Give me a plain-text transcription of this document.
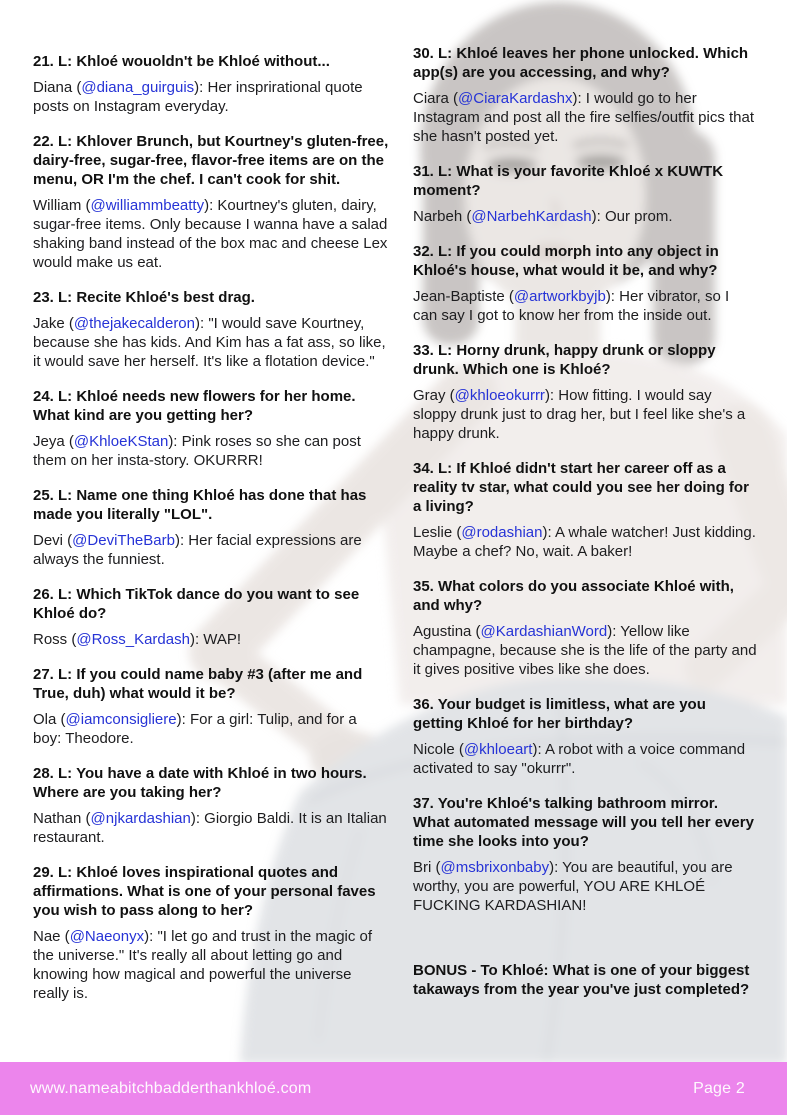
21. L: Khloé wouoldn't be Khloé without...

Diana (@diana_guirguis): Her insprirational quote posts on Instagram everyday.

22. L: Khlover Brunch, but Kourtney's gluten-free, dairy-free, sugar-free, flavor-free items are on the menu, OR I'm the chef. I can't cook for shit.

William (@williammbeatty): Kourtney's gluten, dairy, sugar-free items. Only because I wanna have a salad shaking band instead of the box mac and cheese Lex would make us eat.

23. L: Recite Khloé's best drag.

Jake (@thejakecalderon): "I would save Kourtney, because she has kids. And Kim has a fat ass, so like, it would save her herself. It's like a flotation device."

24. L: Khloé needs new flowers for her home. What kind are you getting her?

Jeya (@KhloeKStan): Pink roses so she can post them on her insta-story. OKURRR!

25. L: Name one thing Khloé has done that has made you literally "LOL".

Devi (@DeviTheBarb): Her facial expressions are always the funniest.

26. L: Which TikTok dance do you want to see Khloé do?

Ross (@Ross_Kardash): WAP!

27. L: If you could name baby #3 (after me and True, duh) what would it be?

Ola (@iamconsigliere): For a girl: Tulip, and for a boy: Theodore.

28. L: You have a date with Khloé in two hours. Where are you taking her?

Nathan (@njkardashian): Giorgio Baldi. It is an Italian restaurant.

29. L: Khloé loves inspirational quotes and affirmations. What is one of your personal faves you wish to pass along to her?

Nae (@Naeonyx): "I let go and trust in the magic of the universe." It's really all about letting go and knowing how magical and powerful the universe really is.

30. L: Khloé leaves her phone unlocked. Which app(s) are you accessing, and why?

Ciara (@CiaraKardashx): I would go to her Instagram and post all the fire selfies/outfit pics that she hasn't posted yet.

31. L: What is your favorite Khloé x KUWTK moment?

Narbeh (@NarbehKardash): Our prom.

32. L: If you could morph into any object in Khloé's house, what would it be, and why?

Jean-Baptiste (@artworkbyjb): Her vibrator, so I can say I got to know her from the inside out.

33. L: Horny drunk, happy drunk or sloppy drunk. Which one is Khloé?

Gray (@khloeokurrr): How fitting. I would say sloppy drunk just to drag her, but I feel like she's a happy drunk.

34. L: If Khloé didn't start her career off as a reality tv star, what could you see her doing for a living?

Leslie (@rodashian): A whale watcher! Just kidding. Maybe a chef? No, wait. A baker!

35. What colors do you associate Khloé with, and why?

Agustina (@KardashianWord): Yellow like champagne, because she is the life of the party and it gives positive vibes like she does.

36. Your budget is limitless, what are you getting Khloé for her birthday?

Nicole (@khloeart): A robot with a voice command activated to say "okurrr".

37. You're Khloé's talking bathroom mirror. What automated message will you tell her every time she looks into you?

Bri (@msbrixonbaby): You are beautiful, you are worthy, you are powerful, YOU ARE KHLOÉ FUCKING KARDASHIAN!

BONUS - To Khloé: What is one of your biggest takaways from the year you've just completed?
www.nameabitchbadderthankhloé.com	Page 2
